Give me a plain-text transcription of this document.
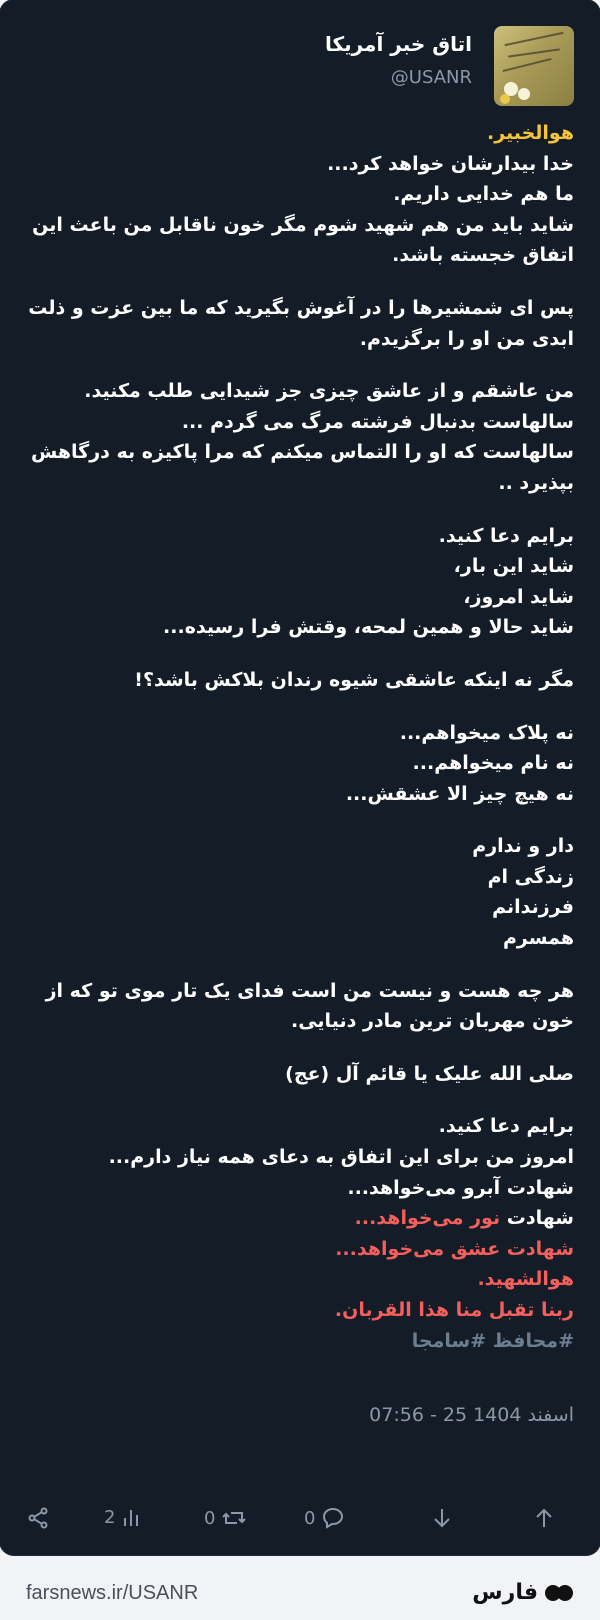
اتاق خبر آمریکا
@USANR
هوالخبیر.
خدا بیدارشان خواهد کرد...
ما هم خدایی داریم.
شاید باید من هم شهید شوم مگر خون ناقابل من باعث این اتفاق خجسته باشد.
پس ای شمشیرها را در آغوش بگیرید که ما بین عزت و ذلت ابدی من او را برگزیدم.
من عاشقم و از عاشق چیزی جز شیدایی طلب مکنید.
سالهاست بدنبال فرشته مرگ می گردم ...
سالهاست که او را التماس میکنم که مرا پاکیزه به درگاهش بپذیرد ..
برایم دعا کنید.
شاید این بار،
شاید امروز،
شاید حالا و همین لمحه، وقتش فرا رسیده...
مگر نه اینکه عاشقی شیوه رندان بلاکش باشد؟!
نه پلاک میخواهم...
نه نام میخواهم...
نه هیچ چیز الا عشقش...
دار و ندارم
زندگی ام
فرزندانم
همسرم
هر چه هست و نیست من است فدای یک تار موی تو که از خون مهربان ترین مادر دنیایی.
صلی الله علیک یا قائم آل (عج)
برایم دعا کنید.
امروز من برای این اتفاق به دعای همه نیاز دارم...
شهادت آبرو می‌خواهد...
شهادت نور می‌خواهد...
شهادت عشق می‌خواهد...
هوالشهید.
ربنا تقبل منا هذا القربان.
#محافظ #سامجا
07:56 - 25 اسفند 1404
2	0	0
farsnews.ir/USANR	فارس
